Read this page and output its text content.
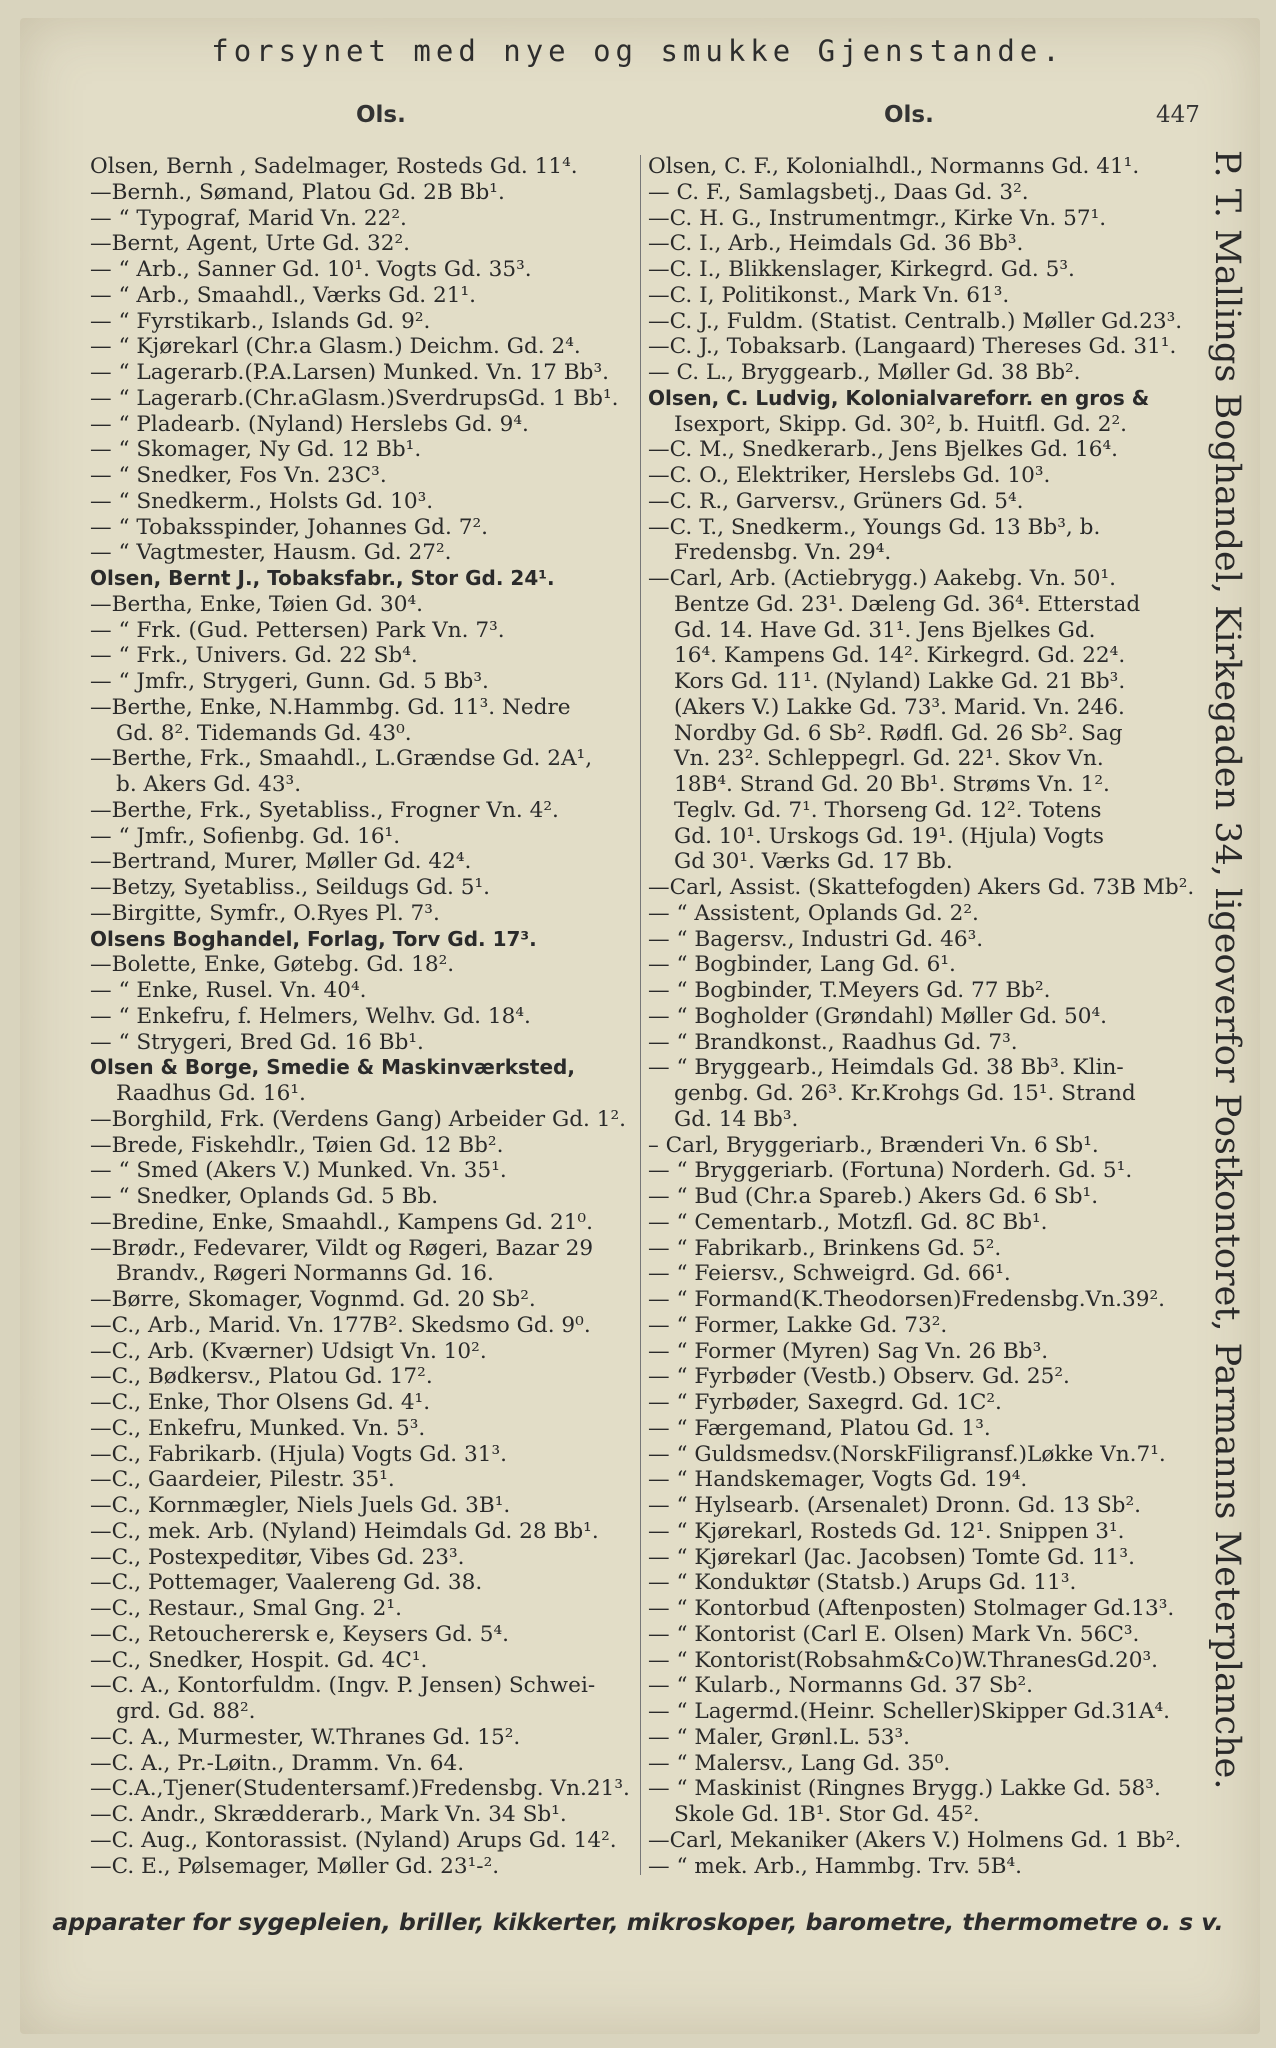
forsynet med nye og smukke Gjenstande.
Ols.	Ols.	447
Olsen, Bernh , Sadelmager, Rosteds Gd. 11⁴.
—Bernh., Sømand, Platou Gd. 2B Bb¹.
— “ Typograf, Marid Vn. 22².
—Bernt, Agent, Urte Gd. 32².
— “ Arb., Sanner Gd. 10¹. Vogts Gd. 35³.
— “ Arb., Smaahdl., Værks Gd. 21¹.
— “ Fyrstikarb., Islands Gd. 9².
— “ Kjørekarl (Chr.a Glasm.) Deichm. Gd. 2⁴.
— “ Lagerarb.(P.A.Larsen) Munked. Vn. 17 Bb³.
— “ Lagerarb.(Chr.aGlasm.)SverdrupsGd. 1 Bb¹.
— “ Pladearb. (Nyland) Herslebs Gd. 9⁴.
— “ Skomager, Ny Gd. 12 Bb¹.
— “ Snedker, Fos Vn. 23C³.
— “ Snedkerm., Holsts Gd. 10³.
— “ Tobaksspinder, Johannes Gd. 7².
— “ Vagtmester, Hausm. Gd. 27².
Olsen, Bernt J., Tobaksfabr., Stor Gd. 24¹.
—Bertha, Enke, Tøien Gd. 30⁴.
— “ Frk. (Gud. Pettersen) Park Vn. 7³.
— “ Frk., Univers. Gd. 22 Sb⁴.
— “ Jmfr., Strygeri, Gunn. Gd. 5 Bb³.
—Berthe, Enke, N.Hammbg. Gd. 11³. Nedre
Gd. 8². Tidemands Gd. 43⁰.
—Berthe, Frk., Smaahdl., L.Grændse Gd. 2A¹,
b. Akers Gd. 43³.
—Berthe, Frk., Syetabliss., Frogner Vn. 4².
— “ Jmfr., Sofienbg. Gd. 16¹.
—Bertrand, Murer, Møller Gd. 42⁴.
—Betzy, Syetabliss., Seildugs Gd. 5¹.
—Birgitte, Symfr., O.Ryes Pl. 7³.
Olsens Boghandel, Forlag, Torv Gd. 17³.
—Bolette, Enke, Gøtebg. Gd. 18².
— “ Enke, Rusel. Vn. 40⁴.
— “ Enkefru, f. Helmers, Welhv. Gd. 18⁴.
— “ Strygeri, Bred Gd. 16 Bb¹.
Olsen & Borge, Smedie & Maskinværksted,
Raadhus Gd. 16¹.
—Borghild, Frk. (Verdens Gang) Arbeider Gd. 1².
—Brede, Fiskehdlr., Tøien Gd. 12 Bb².
— “ Smed (Akers V.) Munked. Vn. 35¹.
— “ Snedker, Oplands Gd. 5 Bb.
—Bredine, Enke, Smaahdl., Kampens Gd. 21⁰.
—Brødr., Fedevarer, Vildt og Røgeri, Bazar 29
Brandv., Røgeri Normanns Gd. 16.
—Børre, Skomager, Vognmd. Gd. 20 Sb².
—C., Arb., Marid. Vn. 177B². Skedsmo Gd. 9⁰.
—C., Arb. (Kværner) Udsigt Vn. 10².
—C., Bødkersv., Platou Gd. 17².
—C., Enke, Thor Olsens Gd. 4¹.
—C., Enkefru, Munked. Vn. 5³.
—C., Fabrikarb. (Hjula) Vogts Gd. 31³.
—C., Gaardeier, Pilestr. 35¹.
—C., Kornmægler, Niels Juels Gd. 3B¹.
—C., mek. Arb. (Nyland) Heimdals Gd. 28 Bb¹.
—C., Postexpeditør, Vibes Gd. 23³.
—C., Pottemager, Vaalereng Gd. 38.
—C., Restaur., Smal Gng. 2¹.
—C., Retoucherersk e, Keysers Gd. 5⁴.
—C., Snedker, Hospit. Gd. 4C¹.
—C. A., Kontorfuldm. (Ingv. P. Jensen) Schwei-
grd. Gd. 88².
—C. A., Murmester, W.Thranes Gd. 15².
—C. A., Pr.-Løitn., Dramm. Vn. 64.
—C.A.,Tjener(Studentersamf.)Fredensbg. Vn.21³.
—C. Andr., Skrædderarb., Mark Vn. 34 Sb¹.
—C. Aug., Kontorassist. (Nyland) Arups Gd. 14².
—C. E., Pølsemager, Møller Gd. 23¹-².
Olsen, C. F., Kolonialhdl., Normanns Gd. 41¹.
— C. F., Samlagsbetj., Daas Gd. 3².
—C. H. G., Instrumentmgr., Kirke Vn. 57¹.
—C. I., Arb., Heimdals Gd. 36 Bb³.
—C. I., Blikkenslager, Kirkegrd. Gd. 5³.
—C. I, Politikonst., Mark Vn. 61³.
—C. J., Fuldm. (Statist. Centralb.) Møller Gd.23³.
—C. J., Tobaksarb. (Langaard) Thereses Gd. 31¹.
— C. L., Bryggearb., Møller Gd. 38 Bb².
Olsen, C. Ludvig, Kolonialvareforr. en gros &
Isexport, Skipp. Gd. 30², b. Huitfl. Gd. 2².
—C. M., Snedkerarb., Jens Bjelkes Gd. 16⁴.
—C. O., Elektriker, Herslebs Gd. 10³.
—C. R., Garversv., Grüners Gd. 5⁴.
—C. T., Snedkerm., Youngs Gd. 13 Bb³, b.
Fredensbg. Vn. 29⁴.
—Carl, Arb. (Actiebrygg.) Aakebg. Vn. 50¹.
Bentze Gd. 23¹. Dæleng Gd. 36⁴. Etterstad
Gd. 14. Have Gd. 31¹. Jens Bjelkes Gd.
16⁴. Kampens Gd. 14². Kirkegrd. Gd. 22⁴.
Kors Gd. 11¹. (Nyland) Lakke Gd. 21 Bb³.
(Akers V.) Lakke Gd. 73³. Marid. Vn. 246.
Nordby Gd. 6 Sb². Rødfl. Gd. 26 Sb². Sag
Vn. 23². Schleppegrl. Gd. 22¹. Skov Vn.
18B⁴. Strand Gd. 20 Bb¹. Strøms Vn. 1².
Teglv. Gd. 7¹. Thorseng Gd. 12². Totens
Gd. 10¹. Urskogs Gd. 19¹. (Hjula) Vogts
Gd 30¹. Værks Gd. 17 Bb.
—Carl, Assist. (Skattefogden) Akers Gd. 73B Mb².
— “ Assistent, Oplands Gd. 2².
— “ Bagersv., Industri Gd. 46³.
— “ Bogbinder, Lang Gd. 6¹.
— “ Bogbinder, T.Meyers Gd. 77 Bb².
— “ Bogholder (Grøndahl) Møller Gd. 50⁴.
— “ Brandkonst., Raadhus Gd. 7³.
— “ Bryggearb., Heimdals Gd. 38 Bb³. Klin-
genbg. Gd. 26³. Kr.Krohgs Gd. 15¹. Strand
Gd. 14 Bb³.
– Carl, Bryggeriarb., Brænderi Vn. 6 Sb¹.
— “ Bryggeriarb. (Fortuna) Norderh. Gd. 5¹.
— “ Bud (Chr.a Spareb.) Akers Gd. 6 Sb¹.
— “ Cementarb., Motzfl. Gd. 8C Bb¹.
— “ Fabrikarb., Brinkens Gd. 5².
— “ Feiersv., Schweigrd. Gd. 66¹.
— “ Formand(K.Theodorsen)Fredensbg.Vn.39².
— “ Former, Lakke Gd. 73².
— “ Former (Myren) Sag Vn. 26 Bb³.
— “ Fyrbøder (Vestb.) Observ. Gd. 25².
— “ Fyrbøder, Saxegrd. Gd. 1C².
— “ Færgemand, Platou Gd. 1³.
— “ Guldsmedsv.(NorskFiligransf.)Løkke Vn.7¹.
— “ Handskemager, Vogts Gd. 19⁴.
— “ Hylsearb. (Arsenalet) Dronn. Gd. 13 Sb².
— “ Kjørekarl, Rosteds Gd. 12¹. Snippen 3¹.
— “ Kjørekarl (Jac. Jacobsen) Tomte Gd. 11³.
— “ Konduktør (Statsb.) Arups Gd. 11³.
— “ Kontorbud (Aftenposten) Stolmager Gd.13³.
— “ Kontorist (Carl E. Olsen) Mark Vn. 56C³.
— “ Kontorist(Robsahm&Co)W.ThranesGd.20³.
— “ Kularb., Normanns Gd. 37 Sb².
— “ Lagermd.(Heinr. Scheller)Skipper Gd.31A⁴.
— “ Maler, Grønl.L. 53³.
— “ Malersv., Lang Gd. 35⁰.
— “ Maskinist (Ringnes Brygg.) Lakke Gd. 58³.
Skole Gd. 1B¹. Stor Gd. 45².
—Carl, Mekaniker (Akers V.) Holmens Gd. 1 Bb².
— “ mek. Arb., Hammbg. Trv. 5B⁴.
P. T. Mallings Boghandel, Kirkegaden 34, ligeoverfor Postkontoret, Parmanns Meterplanche.
apparater for sygepleien, briller, kikkerter, mikroskoper, barometre, thermometre o. s v.
